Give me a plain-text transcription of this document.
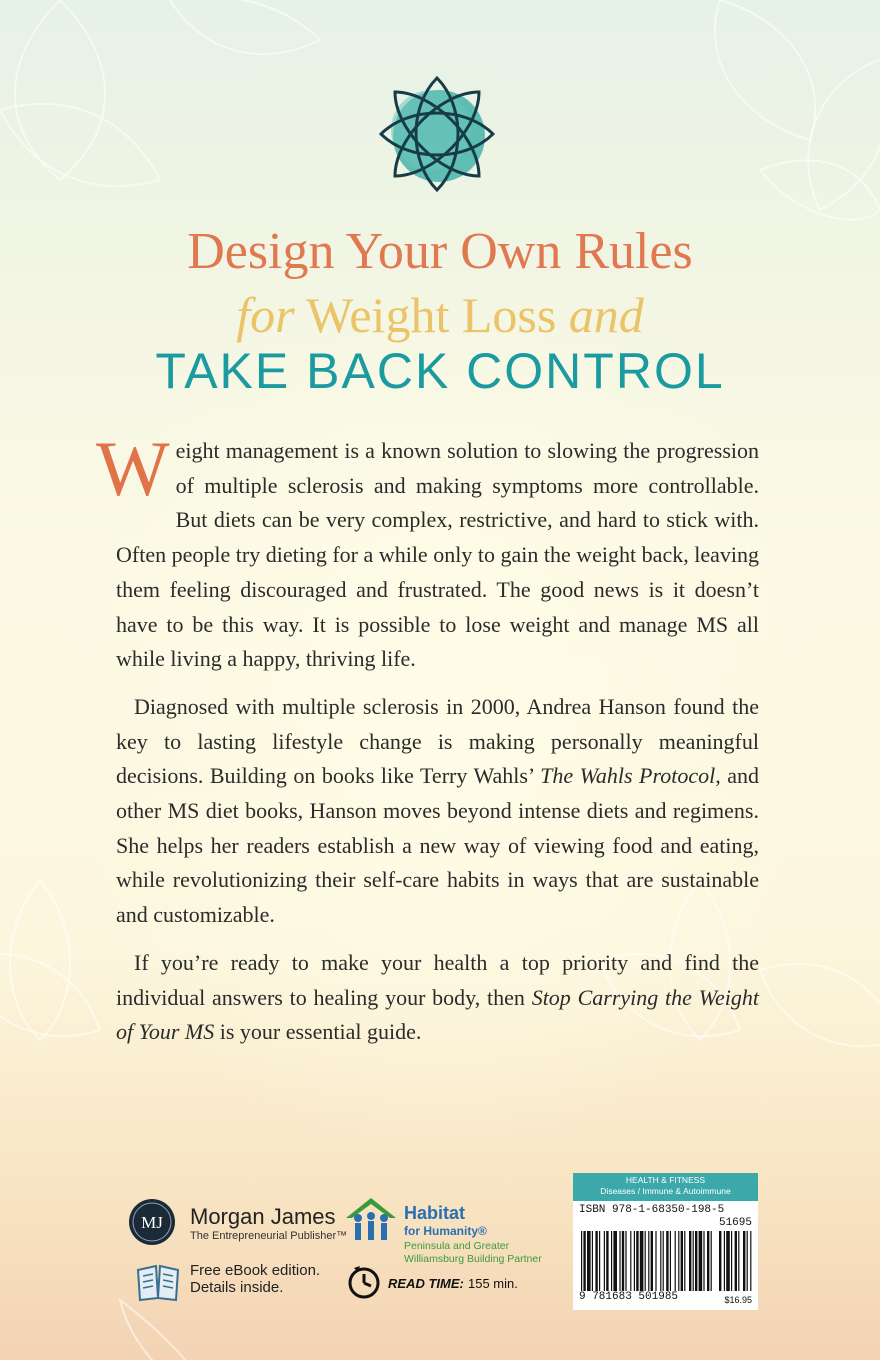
Design Your Own Rules
for Weight Loss and
TAKE BACK CONTROL

Weight management is a known solution to slowing the progression of multiple sclerosis and making symptoms more controllable. But diets can be very complex, restrictive, and hard to stick with. Often people try dieting for a while only to gain the weight back, leaving them feeling discouraged and frustrated. The good news is it doesn’t have to be this way. It is possible to lose weight and manage MS all while living a happy, thriving life.

Diagnosed with multiple sclerosis in 2000, Andrea Hanson found the key to lasting lifestyle change is making personally meaningful decisions. Building on books like Terry Wahls’ The Wahls Protocol, and other MS diet books, Hanson moves beyond intense diets and regimens. She helps her readers establish a new way of viewing food and eating, while revolutionizing their self-care habits in ways that are sustainable and customizable.

If you’re ready to make your health a top priority and find the individual answers to healing your body, then Stop Carrying the Weight of Your MS is your essential guide.

MJ Morgan James
The Entrepreneurial Publisher™
Free eBook edition.
Details inside.
Habitat
for Humanity®
Peninsula and Greater
Williamsburg Building Partner
READ TIME: 155 min.
HEALTH & FITNESS
Diseases / Immune & Autoimmune
ISBN 978-1-68350-198-5
51695
9 781683 501985	$16.95
